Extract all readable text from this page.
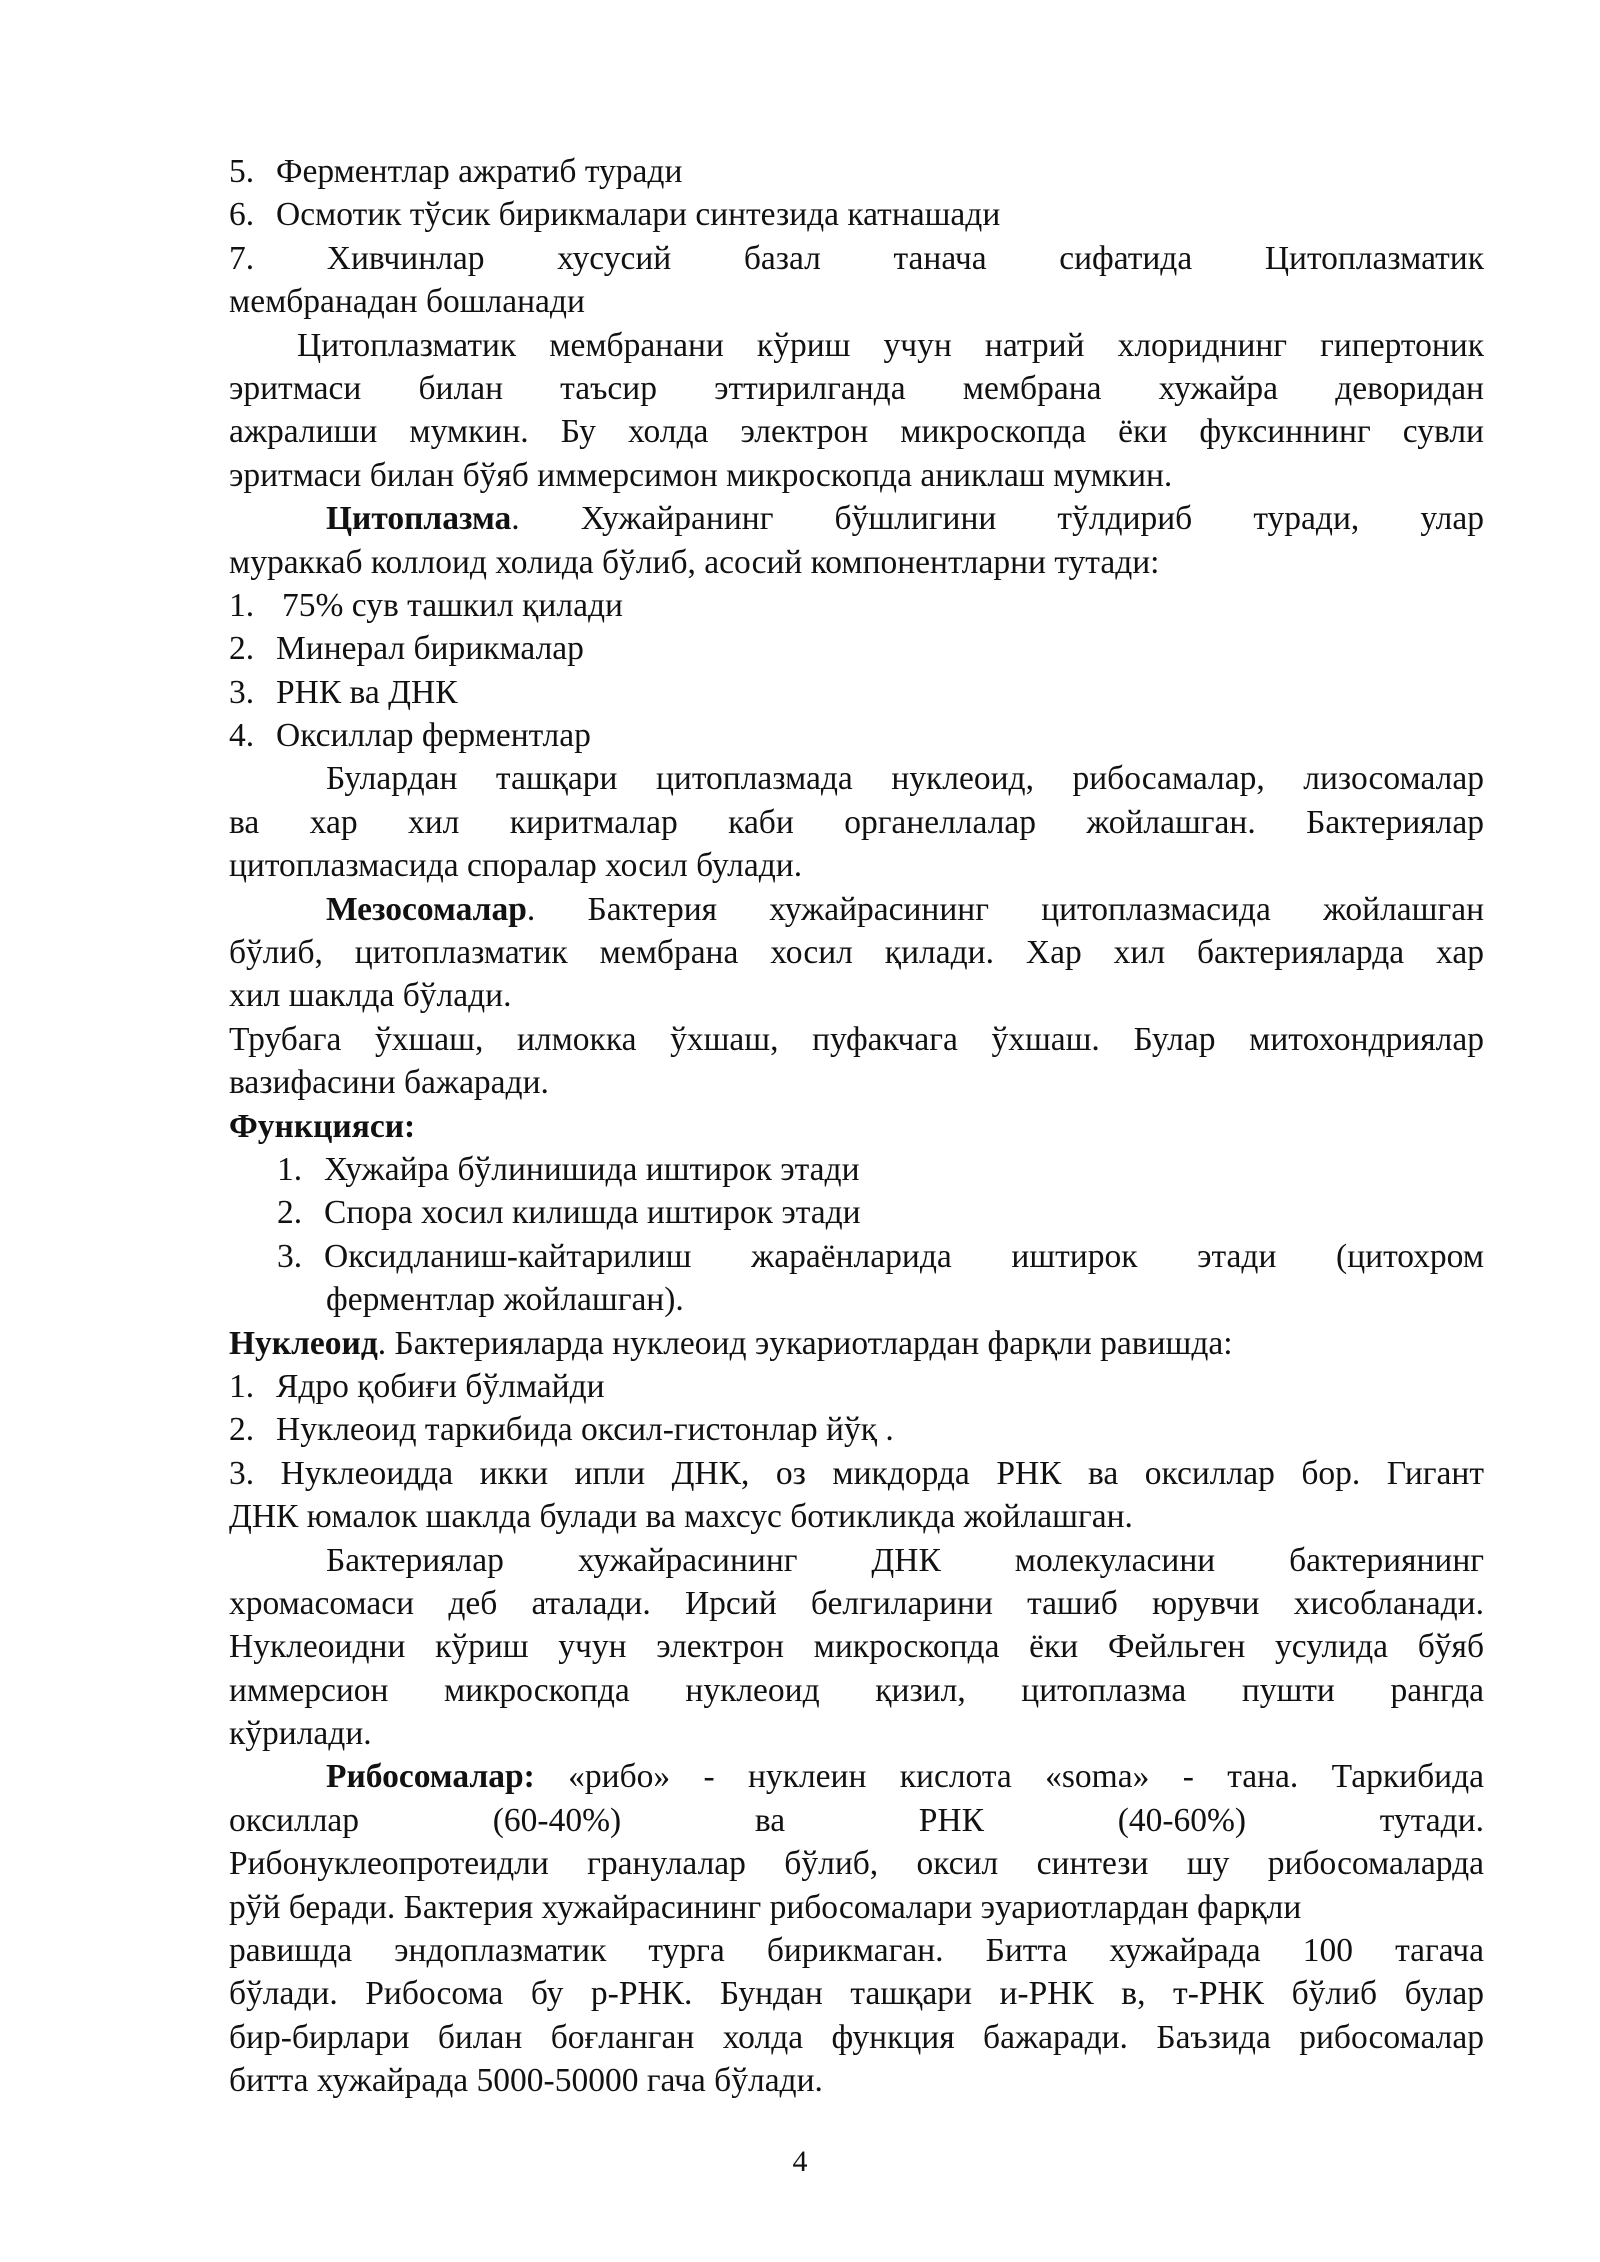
5. Ферментлар ажратиб туради
6. Осмотик тўсик бирикмалари синтезида катнашади
7. Хивчинлар хусусий базал танача сифатида Цитоплазматик
мембранадан бошланади
Цитоплазматик мембранани кўриш учун натрий хлориднинг гипертоник
эритмаси билан таъсир эттирилганда мембрана хужайра деворидан
ажралиши мумкин. Бу холда электрон микроскопда ёки фуксиннинг сувли
эритмаси билан бўяб иммерсимон микроскопда аниклаш мумкин.
Цитоплазма. Хужайранинг бўшлигини тўлдириб туради, улар
мураккаб коллоид холида бўлиб, асосий компонентларни тутади:
1. 75% сув ташкил қилади
2. Минерал бирикмалар
3. РНК ва ДНК
4. Оксиллар ферментлар
Булардан ташқари цитоплазмада нуклеоид, рибосамалар, лизосомалар
ва хар хил киритмалар каби органеллалар жойлашган. Бактериялар
цитоплазмасида споралар хосил булади.
Мезосомалар. Бактерия хужайрасининг цитоплазмасида жойлашган
бўлиб, цитоплазматик мембрана хосил қилади. Хар хил бактерияларда хар
хил шаклда бўлади.
Трубага ўхшаш, илмокка ўхшаш, пуфакчага ўхшаш. Булар митохондриялар
вазифасини бажаради.
Функцияси:
1. Хужайра бўлинишида иштирок этади
2. Спора хосил килишда иштирок этади
3. Оксидланиш-кайтарилиш жараёнларида иштирок этади (цитохром
ферментлар жойлашган).
Нуклеоид. Бактерияларда нуклеоид эукариотлардан фарқли равишда:
1. Ядро қобиғи бўлмайди
2. Нуклеоид таркибида оксил-гистонлар йўқ .
3. Нуклеоидда икки ипли ДНК, оз микдорда РНК ва оксиллар бор. Гигант
ДНК юмалок шаклда булади ва махсус ботикликда жойлашган.
Бактериялар хужайрасининг ДНК молекуласини бактериянинг
хромасомаси деб аталади. Ирсий белгиларини ташиб юрувчи хисобланади.
Нуклеоидни кўриш учун электрон микроскопда ёки Фейльген усулида бўяб
иммерсион микроскопда нуклеоид қизил, цитоплазма пушти рангда
кўрилади.
Рибосомалар: «рибо» - нуклеин кислота «soma» - тана. Таркибида
оксиллар (60-40%) ва РНК (40-60%) тутади.
Рибонуклеопротеидли гранулалар бўлиб, оксил синтези шу рибосомаларда
рўй беради. Бактерия хужайрасининг рибосомалари эуариотлардан фарқли
равишда эндоплазматик турга бирикмаган. Битта хужайрада 100 тагача
бўлади. Рибосома бу р-РНК. Бундан ташқари и-РНК в, т-РНК бўлиб булар
бир-бирлари билан боғланган холда функция бажаради. Баъзида рибосомалар
битта хужайрада 5000-50000 гача бўлади.
4
